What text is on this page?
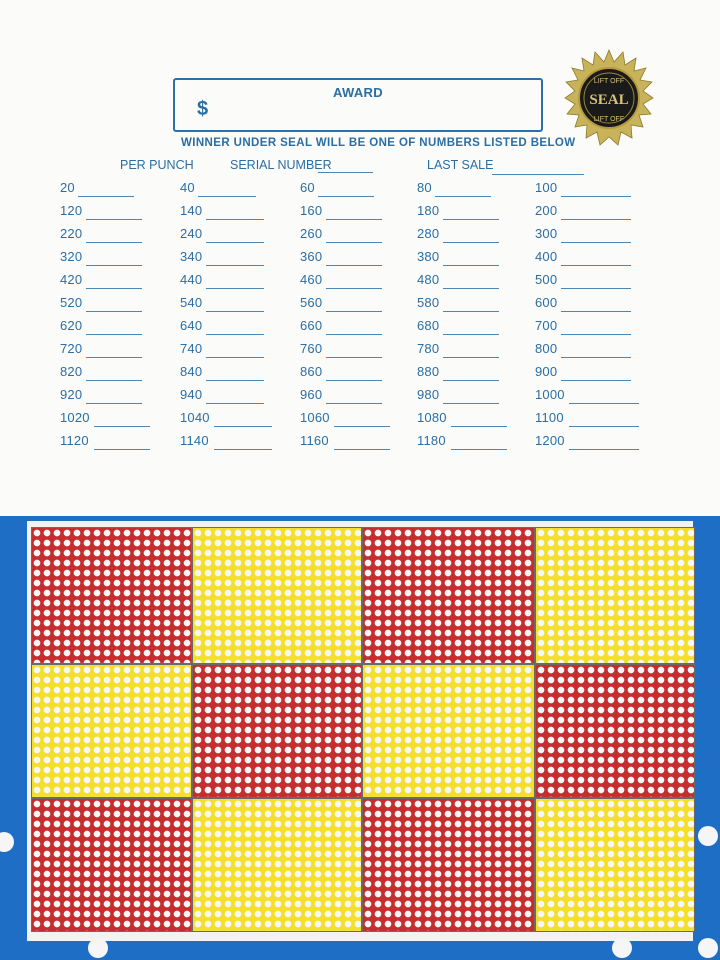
AWARD
$	SEAL
LIFT OFF
LIFT OFF
WINNER UNDER SEAL WILL BE ONE OF NUMBERS LISTED BELOW
PER PUNCH	SERIAL NUMBER	LAST SALE
20	40	60	80	100
120	140	160	180	200
220	240	260	280	300
320	340	360	380	400
420	440	460	480	500
520	540	560	580	600
620	640	660	680	700
720	740	760	780	800
820	840	860	880	900
920	940	960	980	1000
1020	1040	1060	1080	1100
1120	1140	1160	1180	1200
